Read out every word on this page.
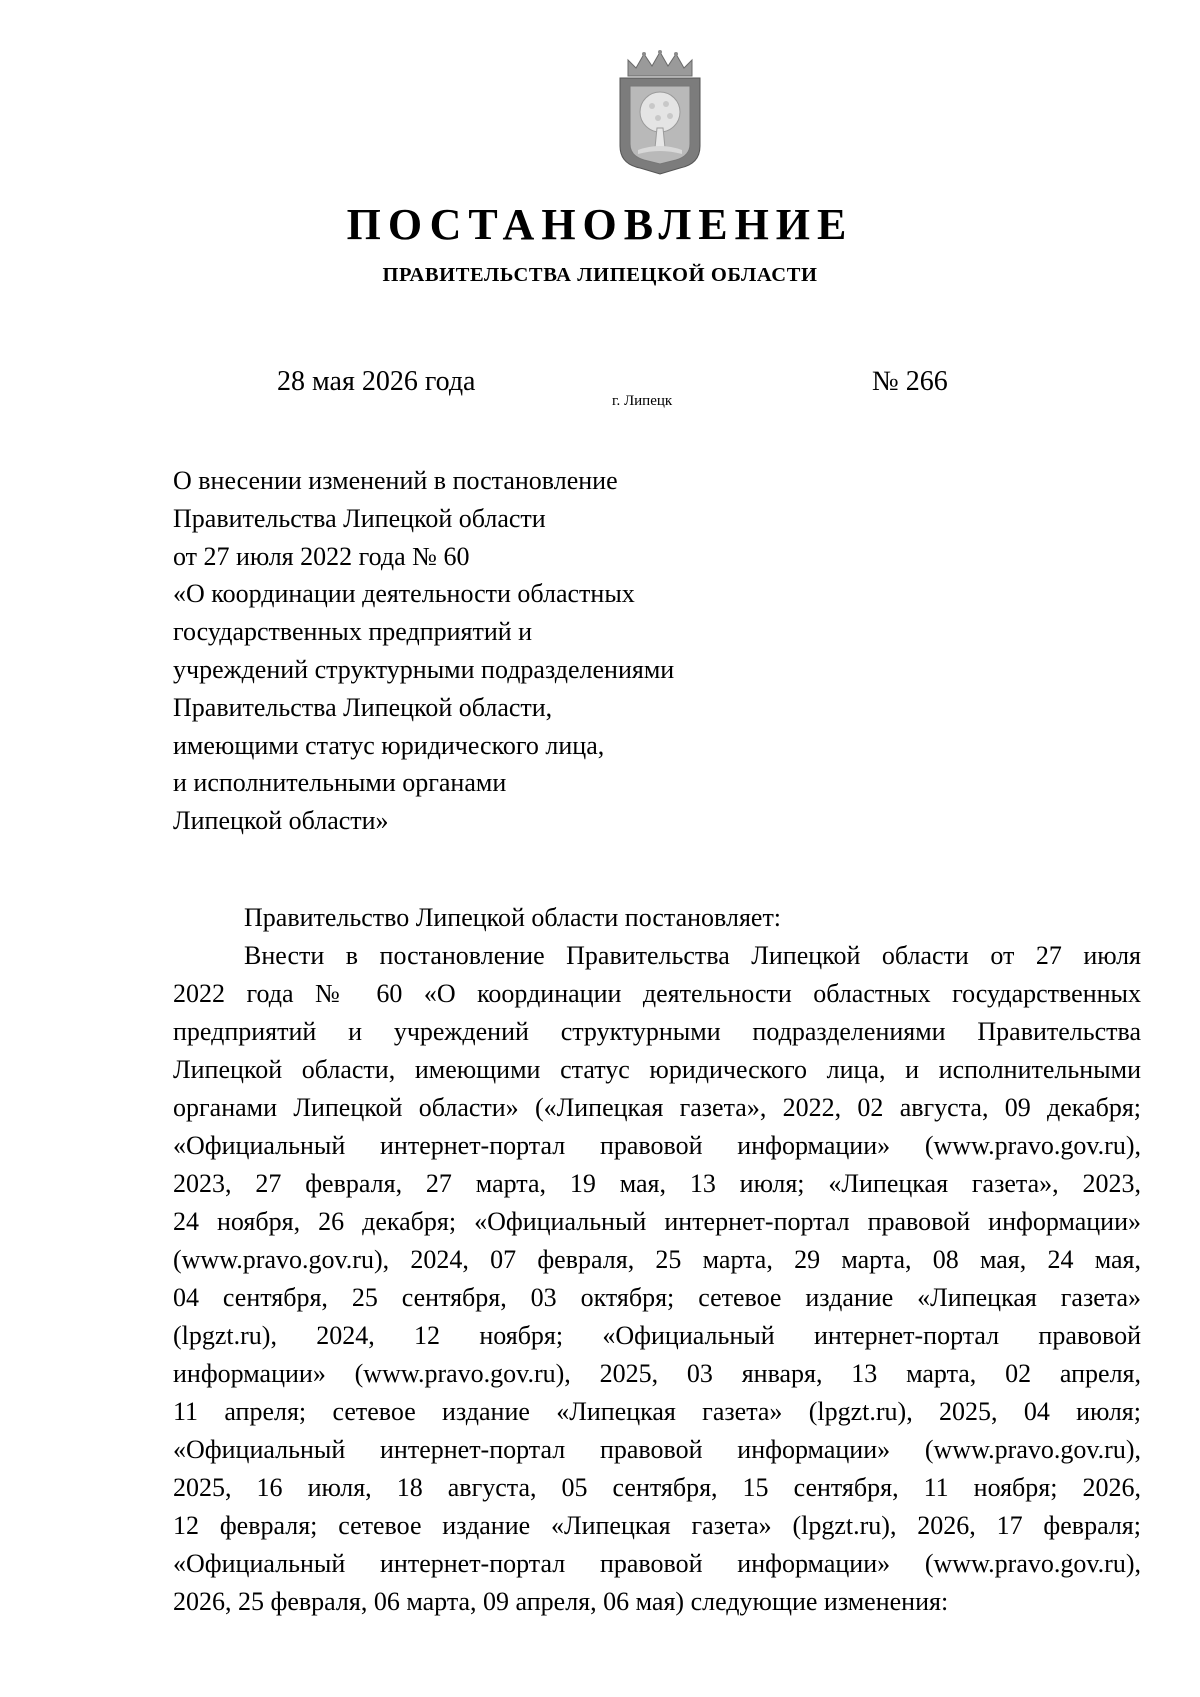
ПОСТАНОВЛЕНИЕ
ПРАВИТЕЛЬСТВА ЛИПЕЦКОЙ ОБЛАСТИ
28 мая 2026 года
г. Липецк
№ 266
О внесении изменений в постановление
Правительства Липецкой области
от 27 июля 2022 года № 60
«О координации деятельности областных
государственных предприятий и
учреждений структурными подразделениями
Правительства Липецкой области,
имеющими статус юридического лица,
и исполнительными органами
Липецкой области»

Правительство Липецкой области постановляет:

Внести в постановление Правительства Липецкой области от 27 июля
2022 года № 60 «О координации деятельности областных государственных
предприятий и учреждений структурными подразделениями Правительства
Липецкой области, имеющими статус юридического лица, и исполнительными
органами Липецкой области» («Липецкая газета», 2022, 02 августа, 09 декабря;
«Официальный интернет-портал правовой информации» (www.pravo.gov.ru),
2023, 27 февраля, 27 марта, 19 мая, 13 июля; «Липецкая газета», 2023,
24 ноября, 26 декабря; «Официальный интернет-портал правовой информации»
(www.pravo.gov.ru), 2024, 07 февраля, 25 марта, 29 марта, 08 мая, 24 мая,
04 сентября, 25 сентября, 03 октября; сетевое издание «Липецкая газета»
(lpgzt.ru), 2024, 12 ноября; «Официальный интернет-портал правовой
информации» (www.pravo.gov.ru), 2025, 03 января, 13 марта, 02 апреля,
11 апреля; сетевое издание «Липецкая газета» (lpgzt.ru), 2025, 04 июля;
«Официальный интернет-портал правовой информации» (www.pravo.gov.ru),
2025, 16 июля, 18 августа, 05 сентября, 15 сентября, 11 ноября; 2026,
12 февраля; сетевое издание «Липецкая газета» (lpgzt.ru), 2026, 17 февраля;
«Официальный интернет-портал правовой информации» (www.pravo.gov.ru),
2026, 25 февраля, 06 марта, 09 апреля, 06 мая) следующие изменения:
